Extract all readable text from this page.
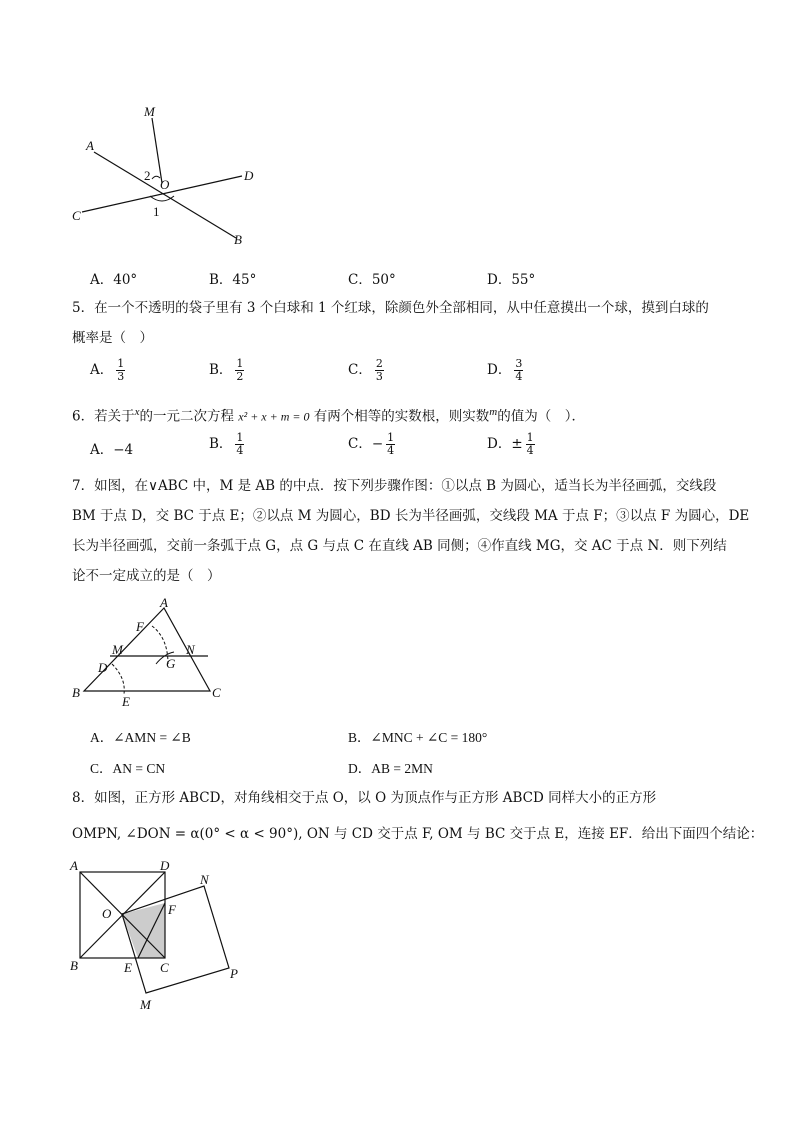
M
A
2
O
D
C	1
B
A．40°	B．45°	C．50°	D．55°
5．在一个不透明的袋子里有 3 个白球和 1 个红球，除颜色外全部相同，从中任意摸出一个球，摸到白球的
概率是（　）
A． $\frac{1}{3}$	B． $\frac{1}{2}$	C． $\frac{2}{3}$	D． $\frac{3}{4}$
6．若关于$^x$的一元二次方程 x² + x + m = 0 有两个相等的实数根，则实数$^m$的值为（　）．
A．−4	B． $\frac{1}{4}$	C．− $\frac{1}{4}$	D．± $\frac{1}{4}$
7．如图，在∨ABC 中，M 是 AB 的中点．按下列步骤作图：①以点 B 为圆心，适当长为半径画弧，交线段
BM 于点 D，交 BC 于点 E；②以点 M 为圆心，BD 长为半径画弧，交线段 MA 于点 F；③以点 F 为圆心，DE
长为半径画弧，交前一条弧于点 G，点 G 与点 C 在直线 AB 同侧；④作直线 MG，交 AC 于点 N．则下列结
论不一定成立的是（　）
A
F
M	N
G
D
B
E
C
A．∠AMN = ∠B	B．∠MNC + ∠C = 180°
C．AN = CN	D．AB = 2MN
8．如图，正方形 ABCD，对角线相交于点 O，以 O 为顶点作与正方形 ABCD 同样大小的正方形
OMPN, ∠DON = α(0° < α < 90°), ON 与 CD 交于点 F, OM 与 BC 交于点 E，连接 EF．给出下面四个结论：
A	D
N
O	F
B	E C	P
M
